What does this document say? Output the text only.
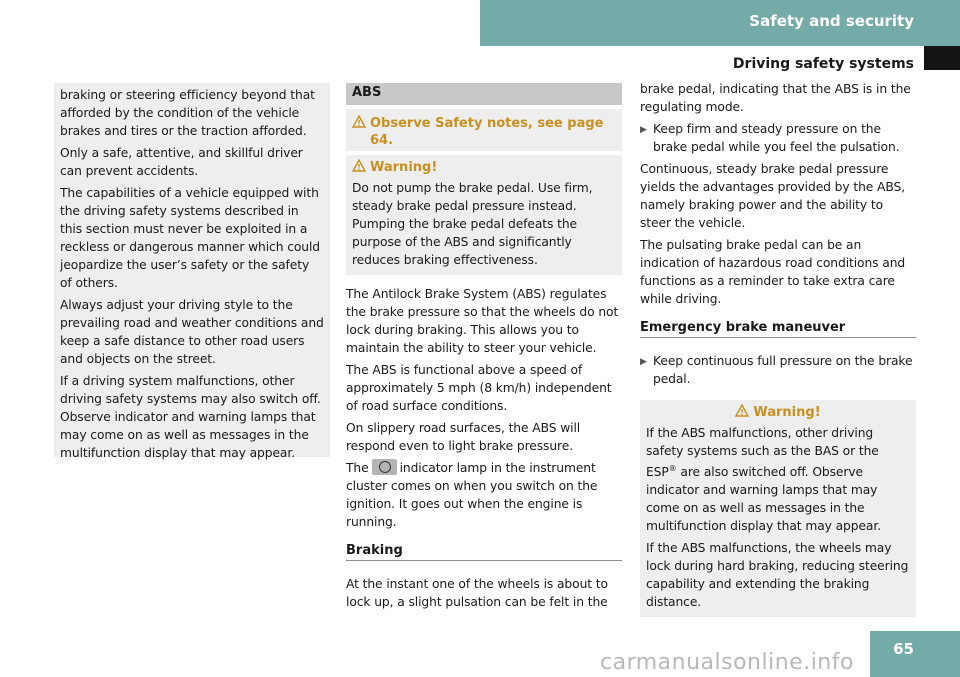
Safety and security
Driving safety systems

braking or steering efficiency beyond that afforded by the condition of the vehicle brakes and tires or the traction afforded.

Only a safe, attentive, and skillful driver can prevent accidents.

The capabilities of a vehicle equipped with the driving safety systems described in this section must never be exploited in a reckless or dangerous manner which could jeopardize the user’s safety or the safety of others.

Always adjust your driving style to the prevailing road and weather conditions and keep a safe distance to other road users and objects on the street.

If a driving system malfunctions, other driving safety systems may also switch off. Observe indicator and warning lamps that may come on as well as messages in the multifunction display that may appear.

ABS
Observe Safety notes, see page 64.
Warning!

Do not pump the brake pedal. Use firm, steady brake pedal pressure instead. Pumping the brake pedal defeats the purpose of the ABS and significantly reduces braking effectiveness.

The Antilock Brake System (ABS) regulates the brake pressure so that the wheels do not lock during braking. This allows you to maintain the ability to steer your vehicle.

The ABS is functional above a speed of approximately 5 mph (8 km/h) independent of road surface conditions.

On slippery road surfaces, the ABS will respond even to light brake pressure.

The	indicator lamp in the instrument cluster comes on when you switch on the ignition. It goes out when the engine is running.

Braking

At the instant one of the wheels is about to lock up, a slight pulsation can be felt in the

brake pedal, indicating that the ABS is in the regulating mode.

▶ Keep firm and steady pressure on the brake pedal while you feel the pulsation.

Continuous, steady brake pedal pressure yields the advantages provided by the ABS, namely braking power and the ability to steer the vehicle.

The pulsating brake pedal can be an indication of hazardous road conditions and functions as a reminder to take extra care while driving.

Emergency brake maneuver
▶ Keep continuous full pressure on the brake pedal.
Warning!

If the ABS malfunctions, other driving safety systems such as the BAS or the ESP® are also switched off. Observe indicator and warning lamps that may come on as well as messages in the multifunction display that may appear.

If the ABS malfunctions, the wheels may lock during hard braking, reducing steering capability and extending the braking distance.

65
carmanualsonline.info
